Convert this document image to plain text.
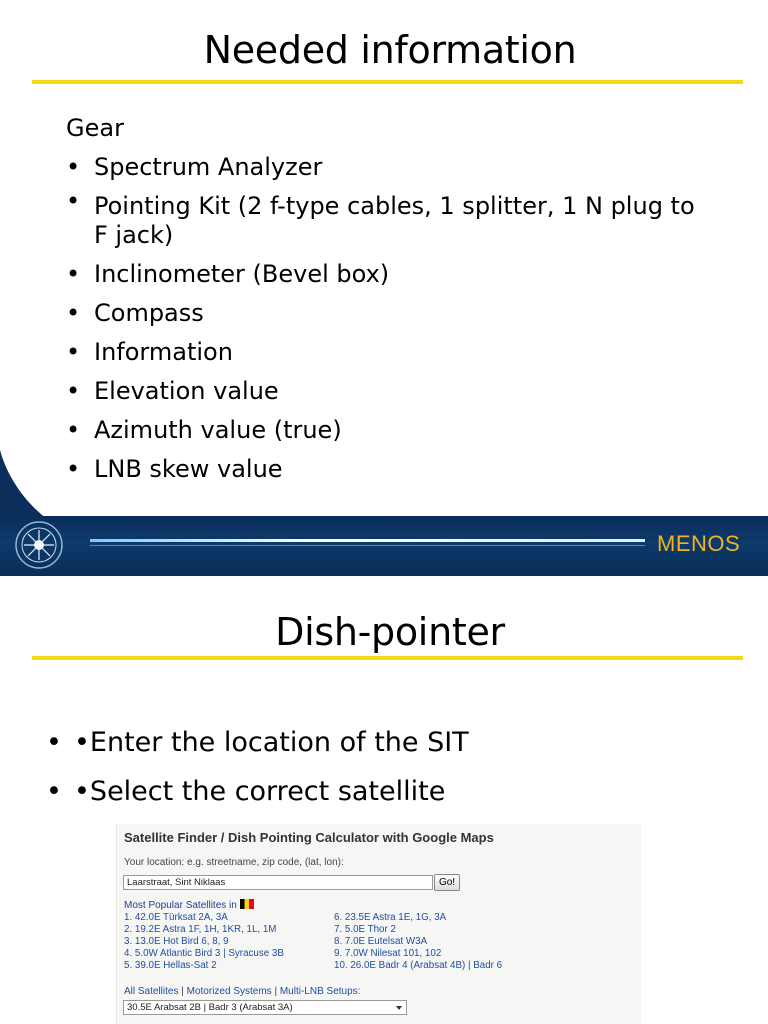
Needed information
Gear
• Spectrum Analyzer
• Pointing Kit (2 f-type cables, 1 splitter, 1 N plug to F jack)
• Inclinometer (Bevel box)
• Compass
• Information
• Elevation value
• Azimuth value (true)
• LNB skew value
MENOS
Dish-pointer
• •Enter the location of the SIT
• •Select the correct satellite
Satellite Finder / Dish Pointing Calculator with Google Maps
Your location: e.g. streetname, zip code, (lat, lon):
Laarstraat, Sint Niklaas	Go!
Most Popular Satellites in
1. 42.0E Türksat 2A, 3A
2. 19.2E Astra 1F, 1H, 1KR, 1L, 1M
3. 13.0E Hot Bird 6, 8, 9
4. 5.0W Atlantic Bird 3 | Syracuse 3B
5. 39.0E Hellas-Sat 2
6. 23.5E Astra 1E, 1G, 3A
7. 5.0E Thor 2
8. 7.0E Eutelsat W3A
9. 7.0W Nilesat 101, 102
10. 26.0E Badr 4 (Arabsat 4B) | Badr 6
All Satellites | Motorized Systems | Multi-LNB Setups:
30.5E Arabsat 2B | Badr 3 (Arabsat 3A)
